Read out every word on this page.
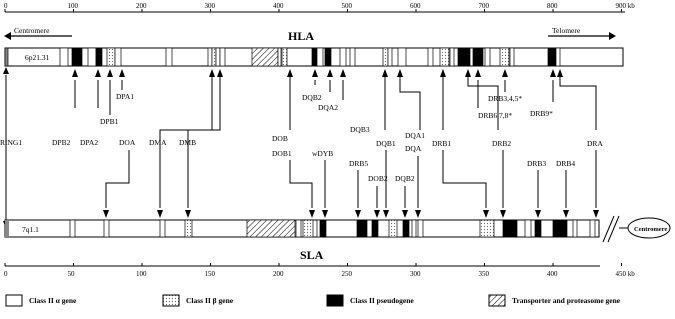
0	100	200	300	400	500	600	700	800	900 kb
Centromere	Telomere
HLA
6p21.31
DPB1
DPA1	DQB2
DQA2
DQB3
DRB3,4,5*
DRB6,7,8* DRB9*
RING1	DPB2 DPA2	DOA DMA DMB	DOB
DOB1	wDYB
DQB1
DQA1
DQA
DRB1	DRB2	DRA
DRB5
DOB2 DQB2
DRB3 DRB4
7q1.1	Centromere
SLA
0	50	100	150	200	250	300	350	400	450 kb
Class II α gene	Class II β gene	Class II pseudogene	Transporter and proteasome gene
